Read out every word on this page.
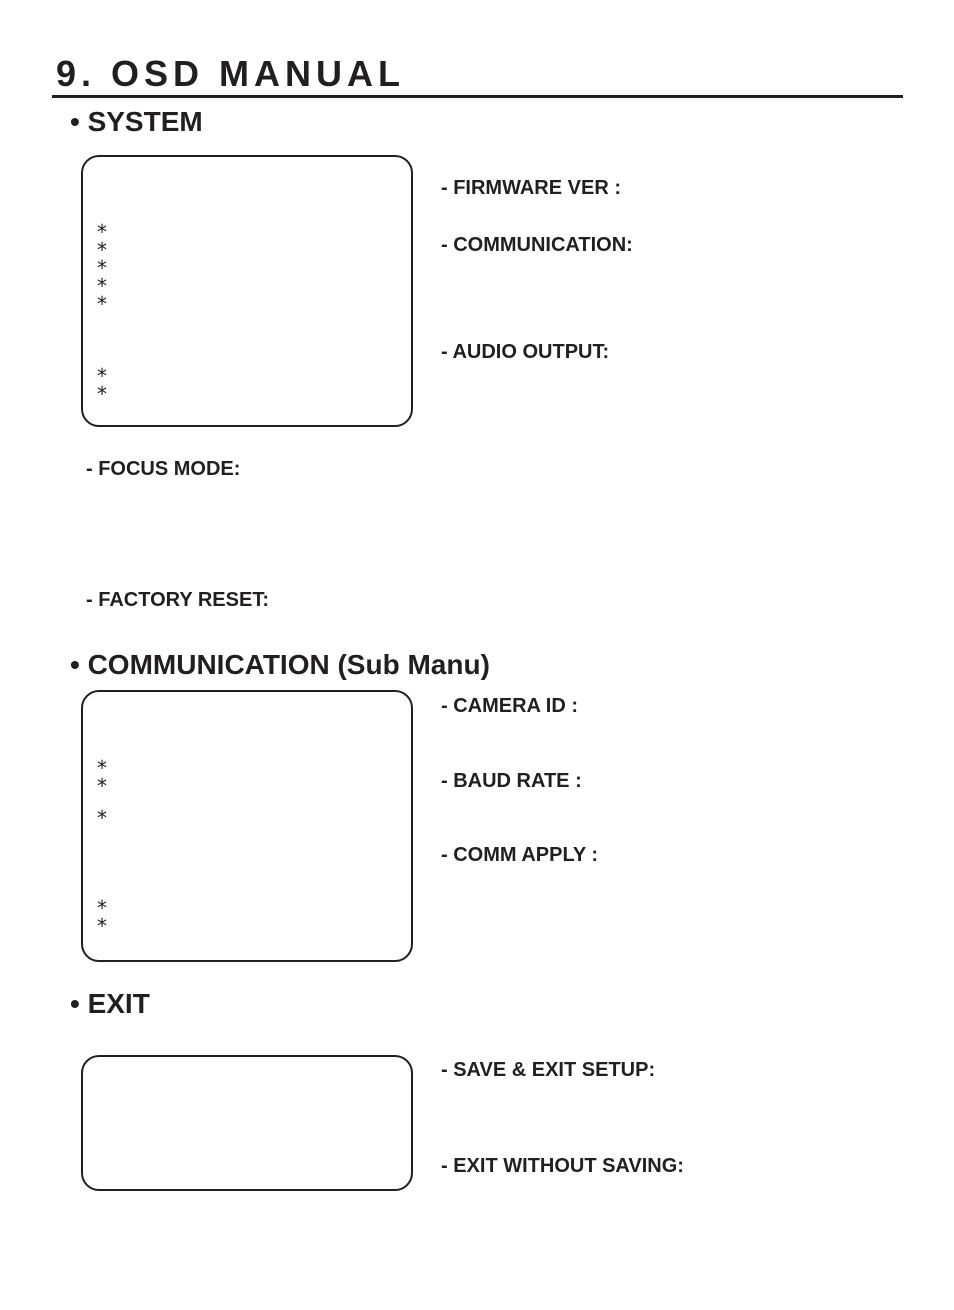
9. OSD MANUAL
• SYSTEM
*
*
*
*
*
*
*
- FIRMWARE VER :
- COMMUNICATION:
- AUDIO OUTPUT:
- FOCUS MODE:
- FACTORY RESET:
• COMMUNICATION (Sub Manu)
*
*
*
*
*
- CAMERA ID :
- BAUD RATE :
- COMM APPLY :
• EXIT
- SAVE & EXIT SETUP:
- EXIT WITHOUT SAVING:
